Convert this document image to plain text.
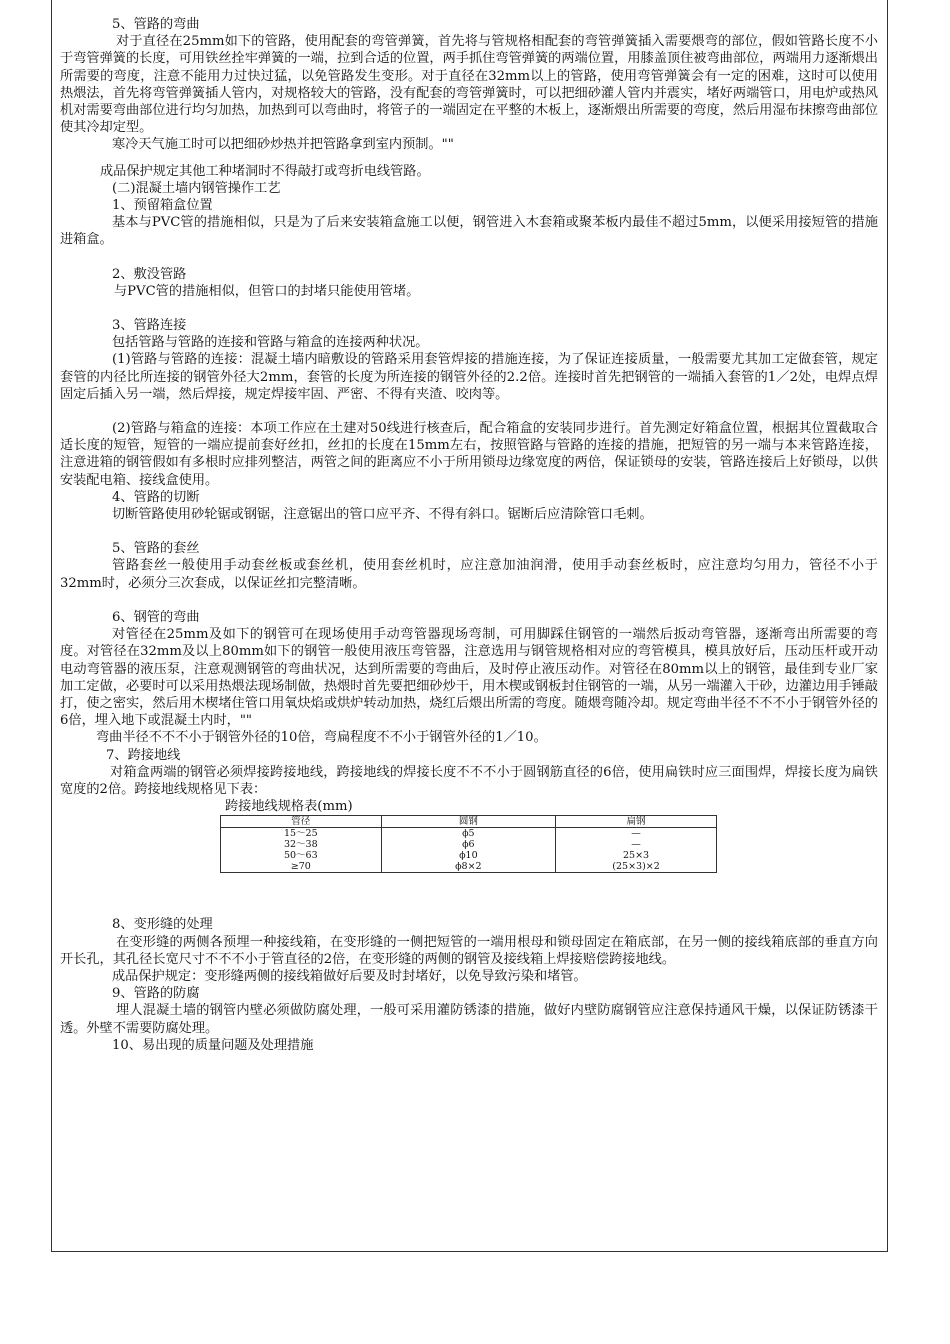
5、管路的弯曲

对于直径在25mm如下的管路，使用配套的弯管弹簧，首先将与管规格相配套的弯管弹簧插入需要煨弯的部位，假如管路长度不小于弯管弹簧的长度，可用铁丝拴牢弹簧的一端，拉到合适的位置，两手抓住弯管弹簧的两端位置，用膝盖顶住被弯曲部位，两端用力逐渐煨出所需要的弯度，注意不能用力过快过猛，以免管路发生变形。对于直径在32mm以上的管路，使用弯管弹簧会有一定的困难，这时可以使用热煨法，首先将弯管弹簧插人管内，对规格较大的管路，没有配套的弯管弹簧时，可以把细砂灌人管内并震实，堵好两端管口，用电炉或热风机对需要弯曲部位进行均匀加热，加热到可以弯曲时，将管子的一端固定在平整的木板上，逐渐煨出所需要的弯度，然后用湿布抹擦弯曲部位使其冷却定型。

寒冷天气施工时可以把细砂炒热并把管路拿到室内预制。""

成品保护规定其他工种堵洞时不得敲打或弯折电线管路。

(二)混凝土墙内钢管操作工艺

1、预留箱盒位置

基本与PVC管的措施相似，只是为了后来安装箱盒施工以便，钢管进入木套箱或聚苯板内最佳不超过5mm，以便采用接短管的措施进箱盒。

2、敷没管路

与PVC管的措施相似，但管口的封堵只能使用管堵。

3、管路连接

包括管路与管路的连接和管路与箱盒的连接两种状况。

(1)管路与管路的连接：混凝土墙内暗敷设的管路采用套管焊接的措施连接，为了保证连接质量，一般需要尤其加工定做套管，规定套管的内径比所连接的钢管外径大2mm，套管的长度为所连接的钢管外径的2.2倍。连接时首先把钢管的一端插入套管的1／2处，电焊点焊固定后插入另一端，然后焊接，规定焊接牢固、严密、不得有夹渣、咬肉等。

(2)管路与箱盒的连接：本项工作应在土建对50线进行核查后，配合箱盒的安装同步进行。首先测定好箱盒位置，根据其位置截取合适长度的短管，短管的一端应提前套好丝扣，丝扣的长度在15mm左右，按照管路与管路的连接的措施，把短管的另一端与本来管路连接，注意进箱的钢管假如有多根时应排列整洁，两管之间的距离应不小于所用锁母边缘宽度的两倍，保证锁母的安装，管路连接后上好锁母，以供安装配电箱、接线盒使用。

4、管路的切断

切断管路使用砂轮锯或钢锯，注意锯出的管口应平齐、不得有斜口。锯断后应清除管口毛刺。

5、管路的套丝

管路套丝一般使用手动套丝板或套丝机，使用套丝机时，应注意加油润滑，使用手动套丝板时，应注意均匀用力，管径不小于32mm时，必须分三次套成，以保证丝扣完整清晰。

6、钢管的弯曲

对管径在25mm及如下的钢管可在现场使用手动弯管器现场弯制，可用脚踩住钢管的一端然后扳动弯管器，逐渐弯出所需要的弯度。对管径在32mm及以上80mm如下的钢管一般使用液压弯管器，注意选用与钢管规格相对应的弯管模具，模具放好后，压动压杆或开动电动弯管器的液压泵，注意观测钢管的弯曲状况，达到所需要的弯曲后，及时停止液压动作。对管径在80mm以上的钢管，最佳到专业厂家加工定做，必要时可以采用热煨法现场制做，热煨时首先要把细砂炒干，用木楔或钢板封住钢管的一端，从另一端灌入干砂，边灌边用手锤敲打，使之密实，然后用木楔堵住管口用氧炔焰或烘炉转动加热，烧红后煨出所需的弯度。随煨弯随冷却。规定弯曲半径不不不小于钢管外径的6倍，埋入地下或混凝土内时，""

弯曲半径不不不小于钢管外径的10倍，弯扁程度不不小于钢管外径的1／10。

7、跨接地线

对箱盒两端的钢管必须焊接跨接地线，跨接地线的焊接长度不不不小于圆钢筋直径的6倍，使用扁铁时应三面围焊，焊接长度为扁铁宽度的2倍。跨接地线规格见下表：

跨接地线规格表(mm)

管径	圆钢	扁钢
15～25	ϕ5	—
32～38	ϕ6	—
50～63	ϕ10	25×3
≥70	ϕ8×2	(25×3)×2

8、变形缝的处理

在变形缝的两侧各预埋一种接线箱，在变形缝的一侧把短管的一端用根母和锁母固定在箱底部，在另一侧的接线箱底部的垂直方向开长孔，其孔径长宽尺寸不不不小于管直径的2倍，在变形缝的两侧的钢管及接线箱上焊接赔偿跨接地线。

成品保护规定：变形缝两侧的接线箱做好后要及时封堵好，以免导致污染和堵管。

9、管路的防腐

埋人混凝土墙的钢管内壁必须做防腐处理，一般可采用灌防锈漆的措施，做好内壁防腐钢管应注意保持通风干燥，以保证防锈漆干透。外壁不需要防腐处理。

10、易出现的质量问题及处理措施
